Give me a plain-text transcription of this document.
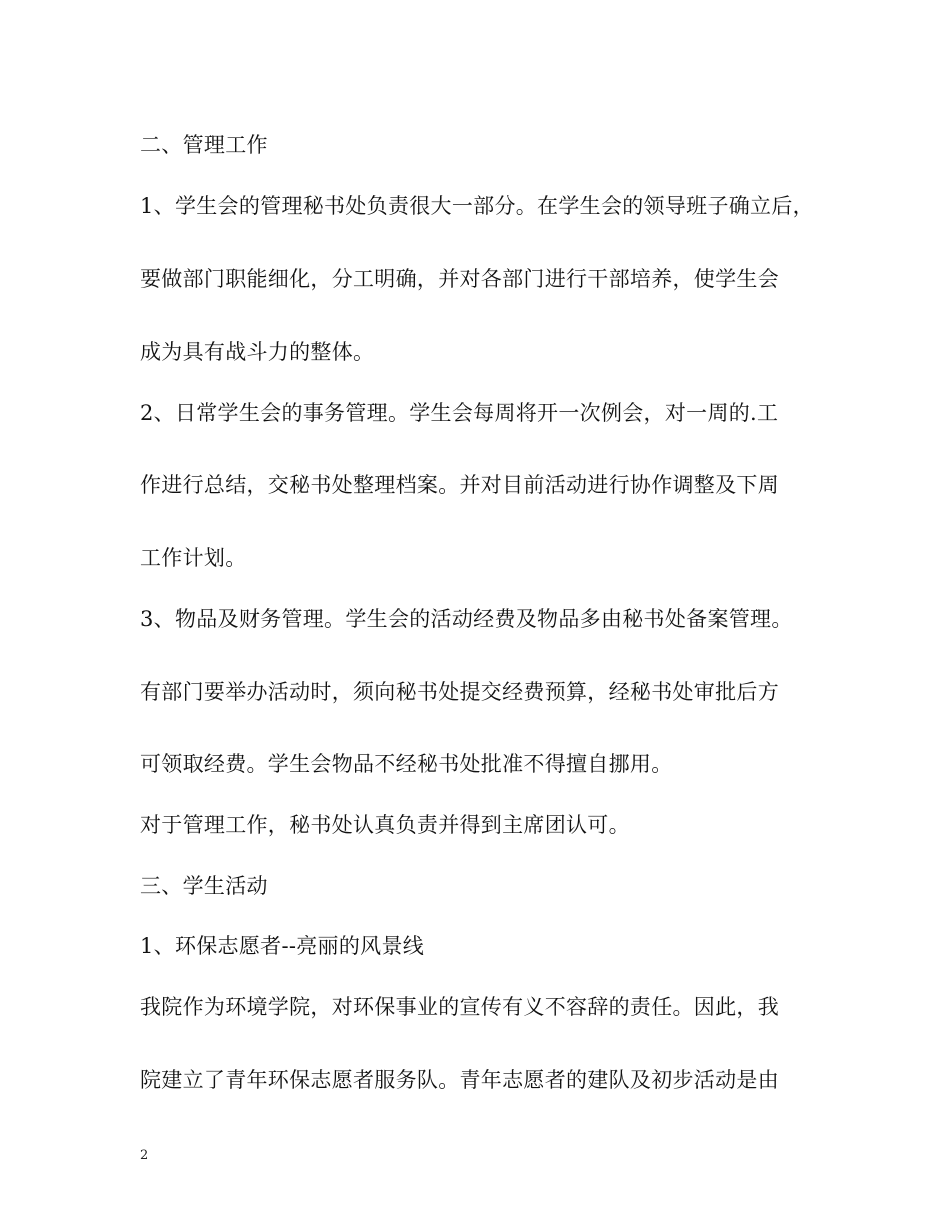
二、管理工作
1、学生会的管理秘书处负责很大一部分。在学生会的领导班子确立后，
要做部门职能细化，分工明确，并对各部门进行干部培养，使学生会
成为具有战斗力的整体。
2、日常学生会的事务管理。学生会每周将开一次例会，对一周的.工
作进行总结，交秘书处整理档案。并对目前活动进行协作调整及下周
工作计划。
3、物品及财务管理。学生会的活动经费及物品多由秘书处备案管理。
有部门要举办活动时，须向秘书处提交经费预算，经秘书处审批后方
可领取经费。学生会物品不经秘书处批准不得擅自挪用。
对于管理工作，秘书处认真负责并得到主席团认可。
三、学生活动
1、环保志愿者--亮丽的风景线
我院作为环境学院，对环保事业的宣传有义不容辞的责任。因此，我
院建立了青年环保志愿者服务队。青年志愿者的建队及初步活动是由
2
